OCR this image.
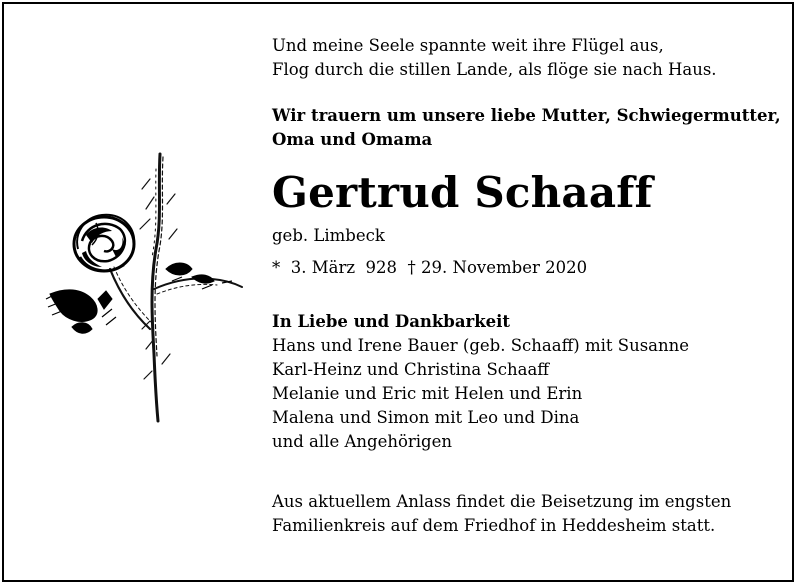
Und meine Seele spannte weit ihre Flügel aus,
Flog durch die stillen Lande, als flöge sie nach Haus.
Wir trauern um unsere liebe Mutter, Schwiegermutter,
Oma und Omama
Gertrud Schaaff
geb. Limbeck
* 3. März  928 † 29. November 2020
In Liebe und Dankbarkeit
Hans und Irene Bauer (geb. Schaaff) mit Susanne
Karl-Heinz und Christina Schaaff
Melanie und Eric mit Helen und Erin
Malena und Simon mit Leo und Dina
und alle Angehörigen
Aus aktuellem Anlass findet die Beisetzung im engsten
Familienkreis auf dem Friedhof in Heddesheim statt.
